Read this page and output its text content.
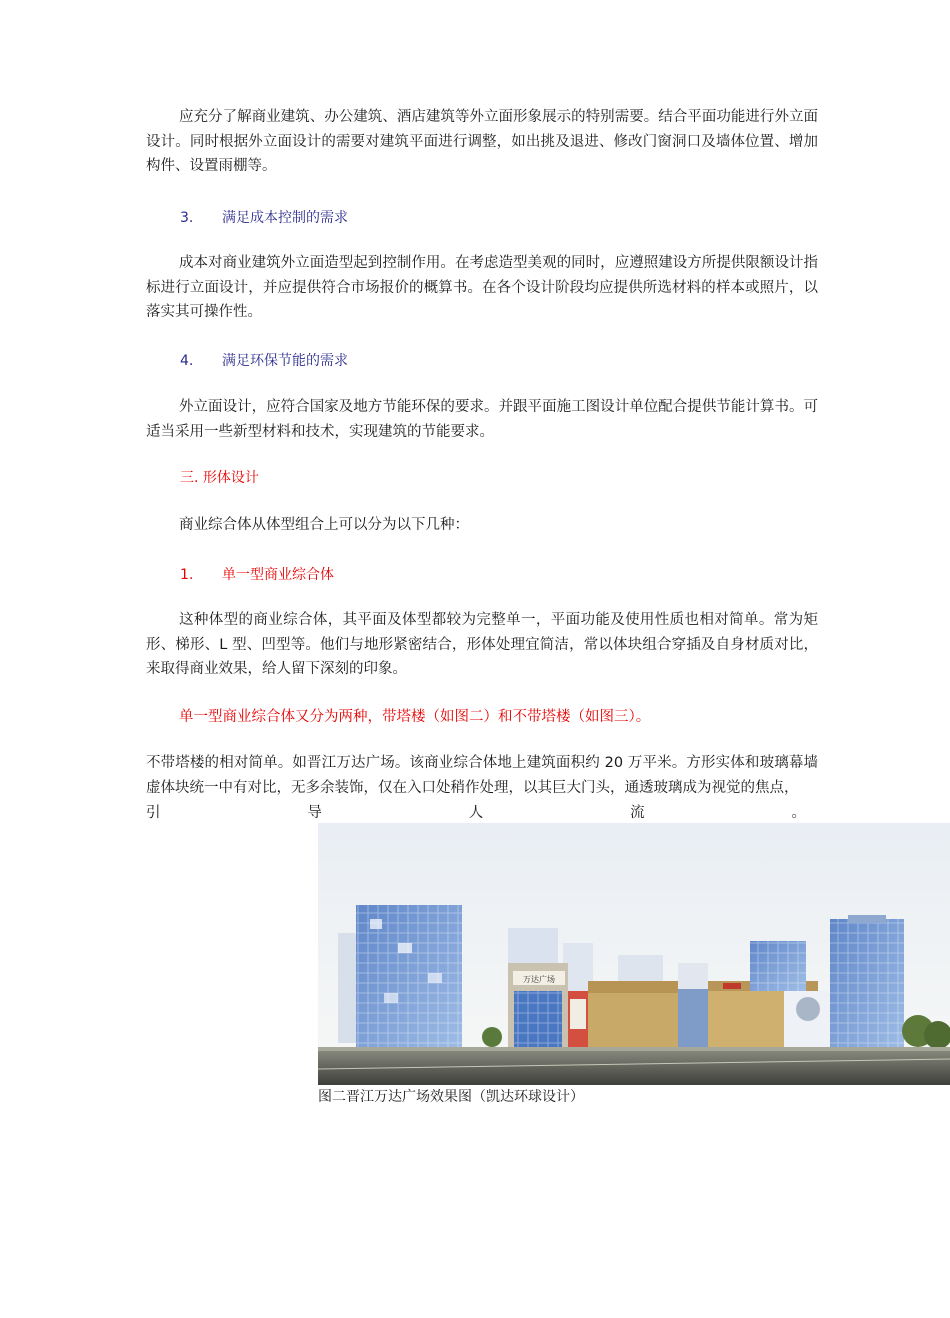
应充分了解商业建筑、办公建筑、酒店建筑等外立面形象展示的特别需要。结合平面功能进行外立面设计。同时根据外立面设计的需要对建筑平面进行调整，如出挑及退进、修改门窗洞口及墙体位置、增加构件、设置雨棚等。

3. 满足成本控制的需求

成本对商业建筑外立面造型起到控制作用。在考虑造型美观的同时，应遵照建设方所提供限额设计指标进行立面设计，并应提供符合市场报价的概算书。在各个设计阶段均应提供所选材料的样本或照片，以落实其可操作性。

4. 满足环保节能的需求

外立面设计，应符合国家及地方节能环保的要求。并跟平面施工图设计单位配合提供节能计算书。可适当采用一些新型材料和技术，实现建筑的节能要求。

三. 形体设计

商业综合体从体型组合上可以分为以下几种：

1. 单一型商业综合体

这种体型的商业综合体，其平面及体型都较为完整单一，平面功能及使用性质也相对简单。常为矩形、梯形、L 型、凹型等。他们与地形紧密结合，形体处理宜简洁，常以体块组合穿插及自身材质对比，来取得商业效果，给人留下深刻的印象。

单一型商业综合体又分为两种，带塔楼（如图二）和不带塔楼（如图三）。

不带塔楼的相对简单。如晋江万达广场。该商业综合体地上建筑面积约 20 万平米。方形实体和玻璃幕墙虚体块统一中有对比，无多余装饰，仅在入口处稍作处理，以其巨大门头，通透玻璃成为视觉的焦点，

引	导	人	流	。
万达广场

图二晋江万达广场效果图（凯达环球设计）
